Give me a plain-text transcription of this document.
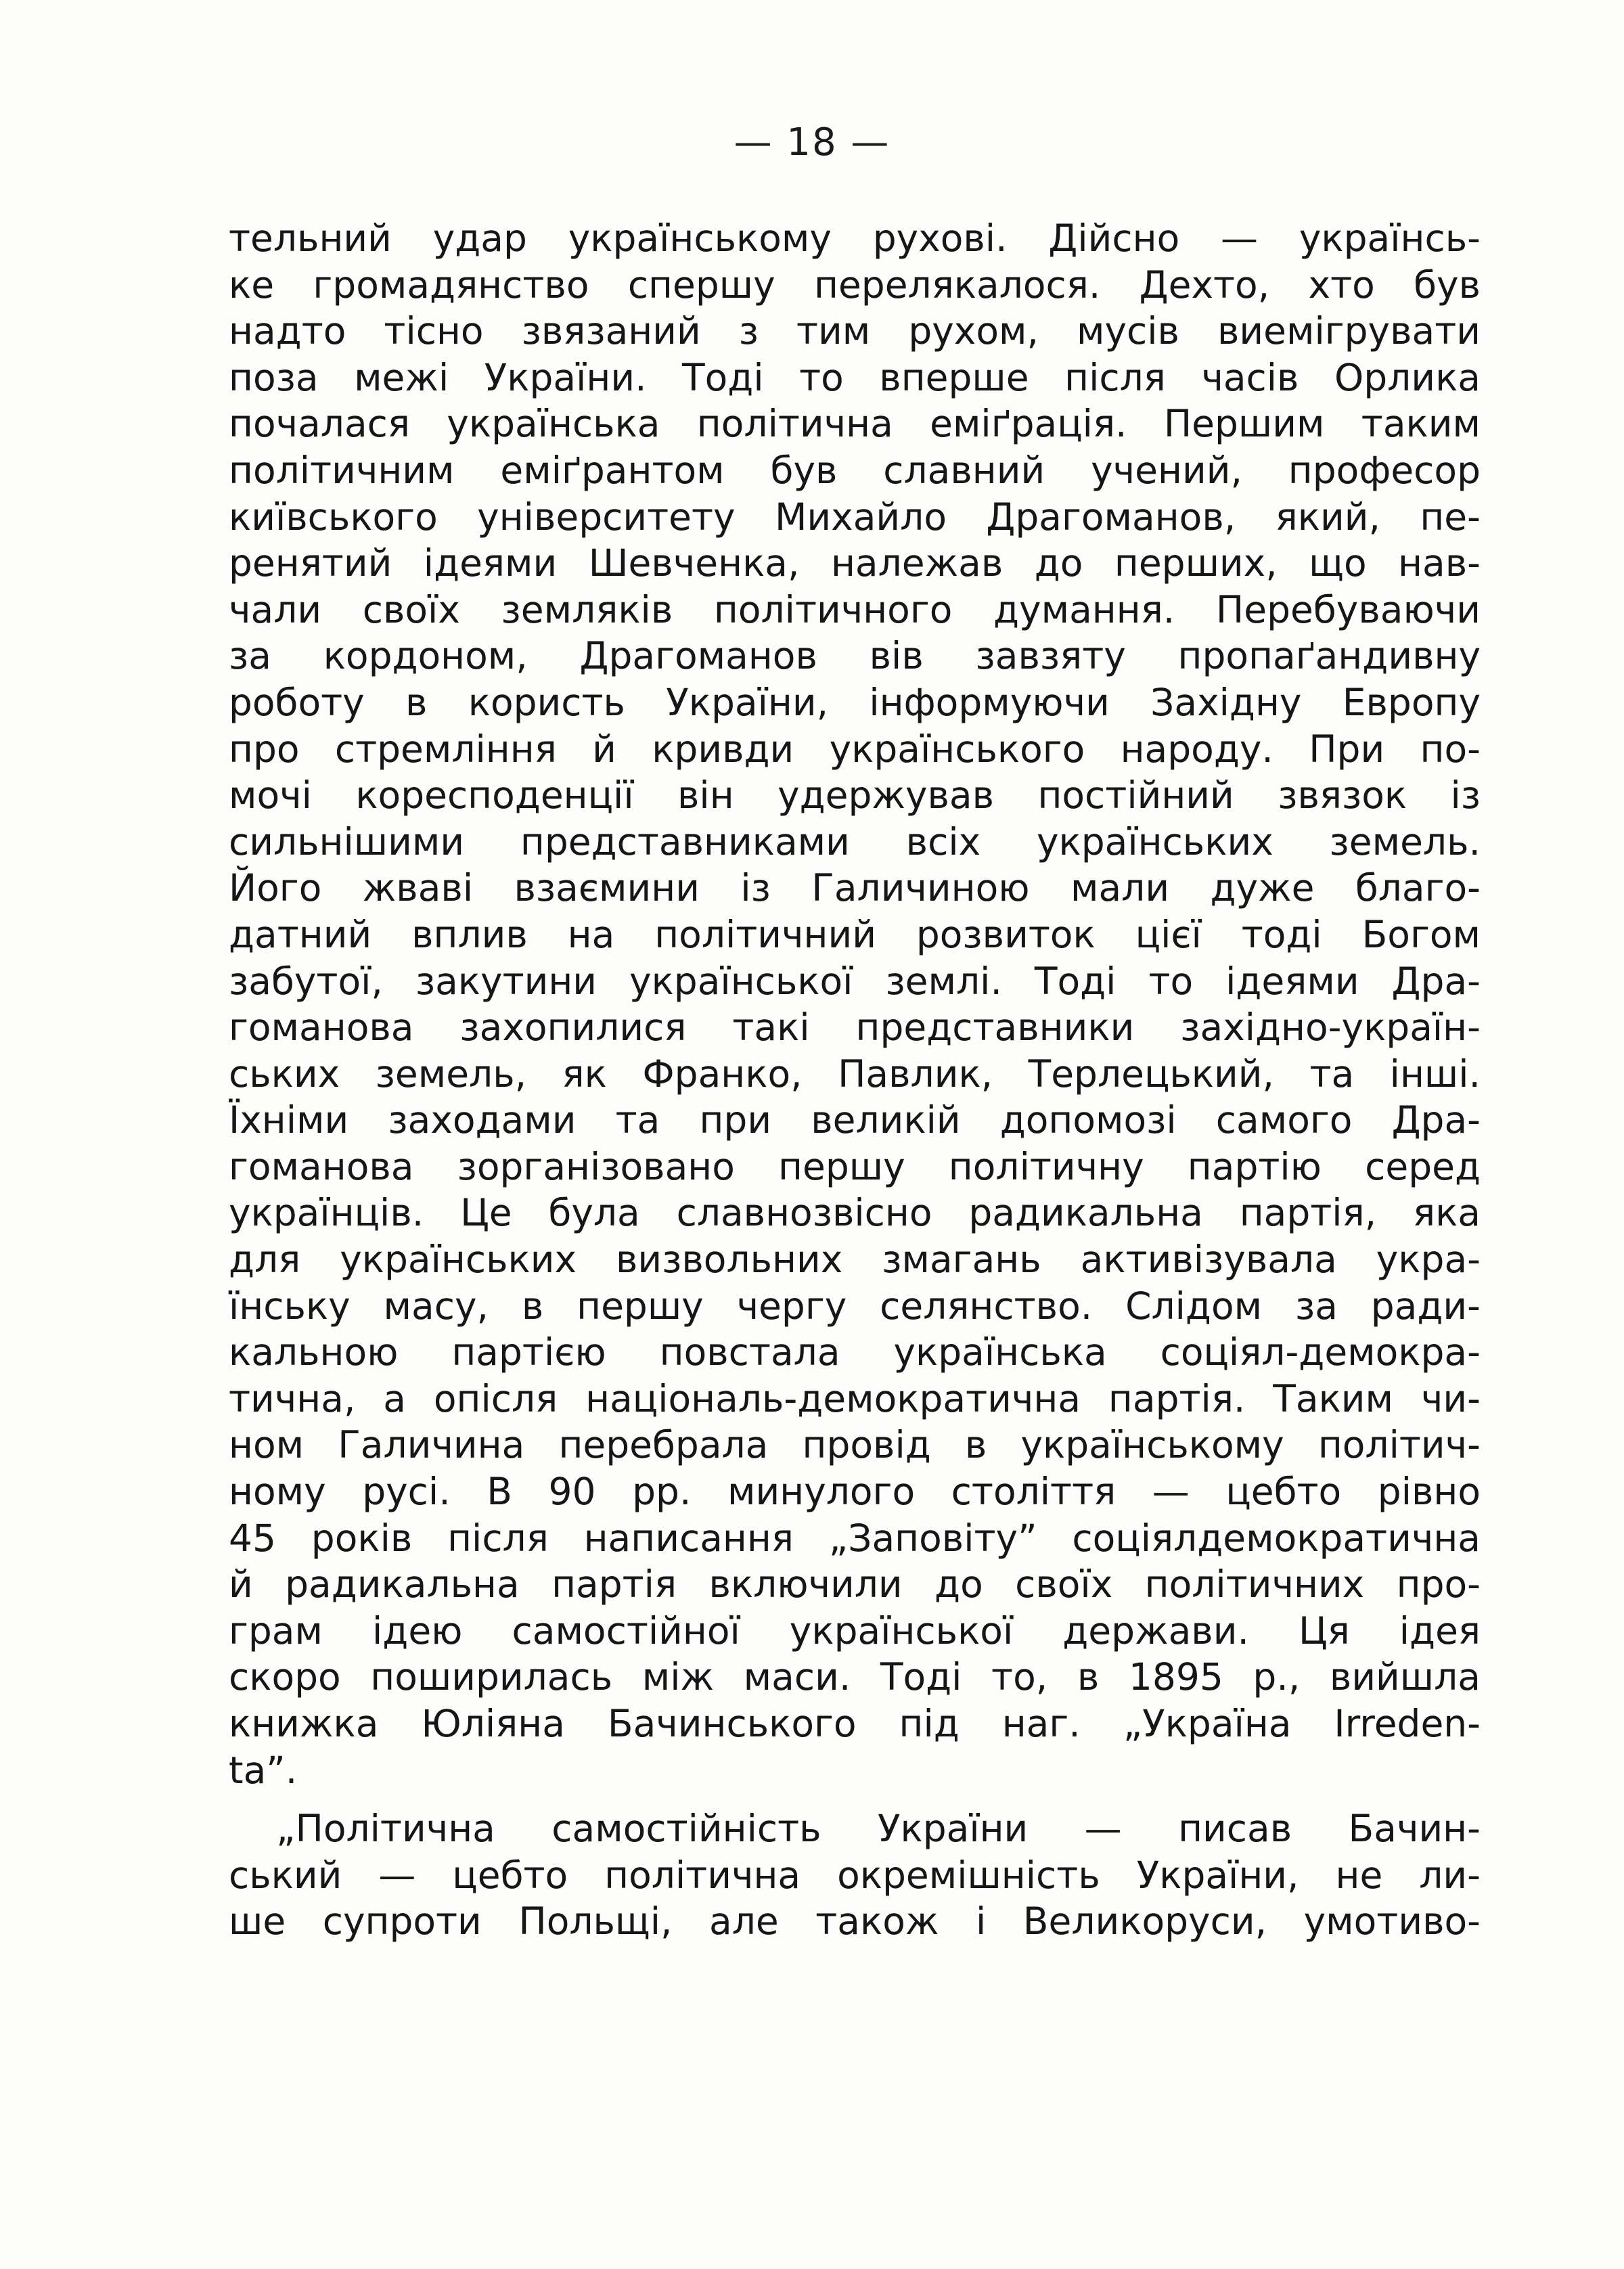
— 18 —
тельний удар українському рухові. Дійсно — українсь-
ке громадянство спершу перелякалося. Дехто, хто був
надто тісно звязаний з тим рухом, мусів виемігрувати
поза межі України. Тоді то вперше після часів Орлика
почалася українська політична еміґрація. Першим таким
політичним еміґрантом був славний учений, професор
київського університету Михайло Драгоманов, який, пе-
ренятий ідеями Шевченка, належав до перших, що нав-
чали своїх земляків політичного думання. Перебуваючи
за кордоном, Драгоманов вів завзяту пропаґандивну
роботу в користь України, інформуючи Західну Европу
про стремління й кривди українського народу. При по-
мочі коресподенції він удержував постійний звязок із
сильнішими представниками всіх українських земель.
Його жваві взаємини із Галичиною мали дуже благо-
датний вплив на політичний розвиток цієї тоді Богом
забутої, закутини української землі. Тоді то ідеями Дра-
гоманова захопилися такі представники західно-україн-
ських земель, як Франко, Павлик, Терлецький, та інші.
Їхніми заходами та при великій допомозі самого Дра-
гоманова зорганізовано першу політичну партію серед
українців. Це була славнозвісно радикальна партія, яка
для українських визвольних змагань активізувала укра-
їнську масу, в першу чергу селянство. Слідом за ради-
кальною партією повстала українська соціял-демокра-
тична, а опісля національ-демократична партія. Таким чи-
ном Галичина перебрала провід в українському політич-
ному русі. В 90 рр. минулого століття — цебто рівно
45 років після написання „Заповіту” соціялдемократична
й радикальна партія включили до своїх політичних про-
грам ідею самостійної української держави. Ця ідея
скоро поширилась між маси. Тоді то, в 1895 р., вийшла
книжка Юліяна Бачинського під наг. „Україна Irreden-
ta”.
„Політична самостійність України — писав Бачин-
ський — цебто політична окремішність України, не ли-
ше супроти Польщі, але також і Великоруси, умотиво-
